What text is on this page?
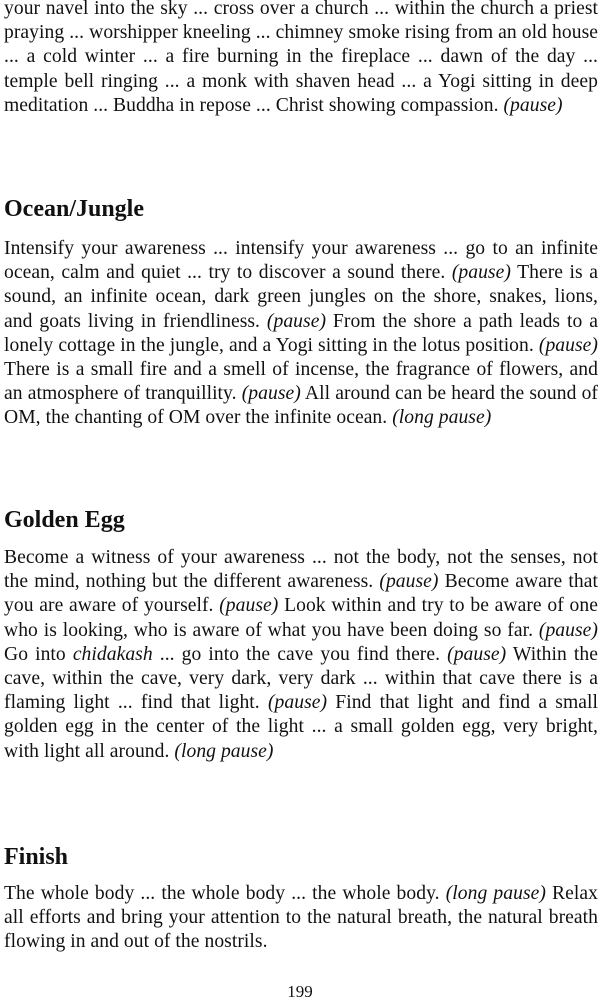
your navel into the sky ... cross over a church ... within the church a priest praying ... worshipper kneeling ... chimney smoke rising from an old house ... a cold winter ... a fire burning in the fireplace ... dawn of the day ... temple bell ringing ... a monk with shaven head ... a Yogi sitting in deep meditation ... Buddha in repose ... Christ showing compassion. (pause)

Ocean/Jungle

Intensify your awareness ... intensify your awareness ... go to an infinite ocean, calm and quiet ... try to discover a sound there. (pause) There is a sound, an infinite ocean, dark green jungles on the shore, snakes, lions, and goats living in friendliness. (pause) From the shore a path leads to a lonely cottage in the jungle, and a Yogi sitting in the lotus position. (pause) There is a small fire and a smell of incense, the fragrance of flowers, and an atmosphere of tranquillity. (pause) All around can be heard the sound of OM, the chanting of OM over the infinite ocean. (long pause)

Golden Egg

Become a witness of your awareness ... not the body, not the senses, not the mind, nothing but the different awareness. (pause) Become aware that you are aware of yourself. (pause) Look within and try to be aware of one who is looking, who is aware of what you have been doing so far. (pause) Go into chidakash ... go into the cave you find there. (pause) Within the cave, within the cave, very dark, very dark ... within that cave there is a flaming light ... find that light. (pause) Find that light and find a small golden egg in the center of the light ... a small golden egg, very bright, with light all around. (long pause)

Finish

The whole body ... the whole body ... the whole body. (long pause) Relax all efforts and bring your attention to the natural breath, the natural breath flowing in and out of the nostrils.

199
